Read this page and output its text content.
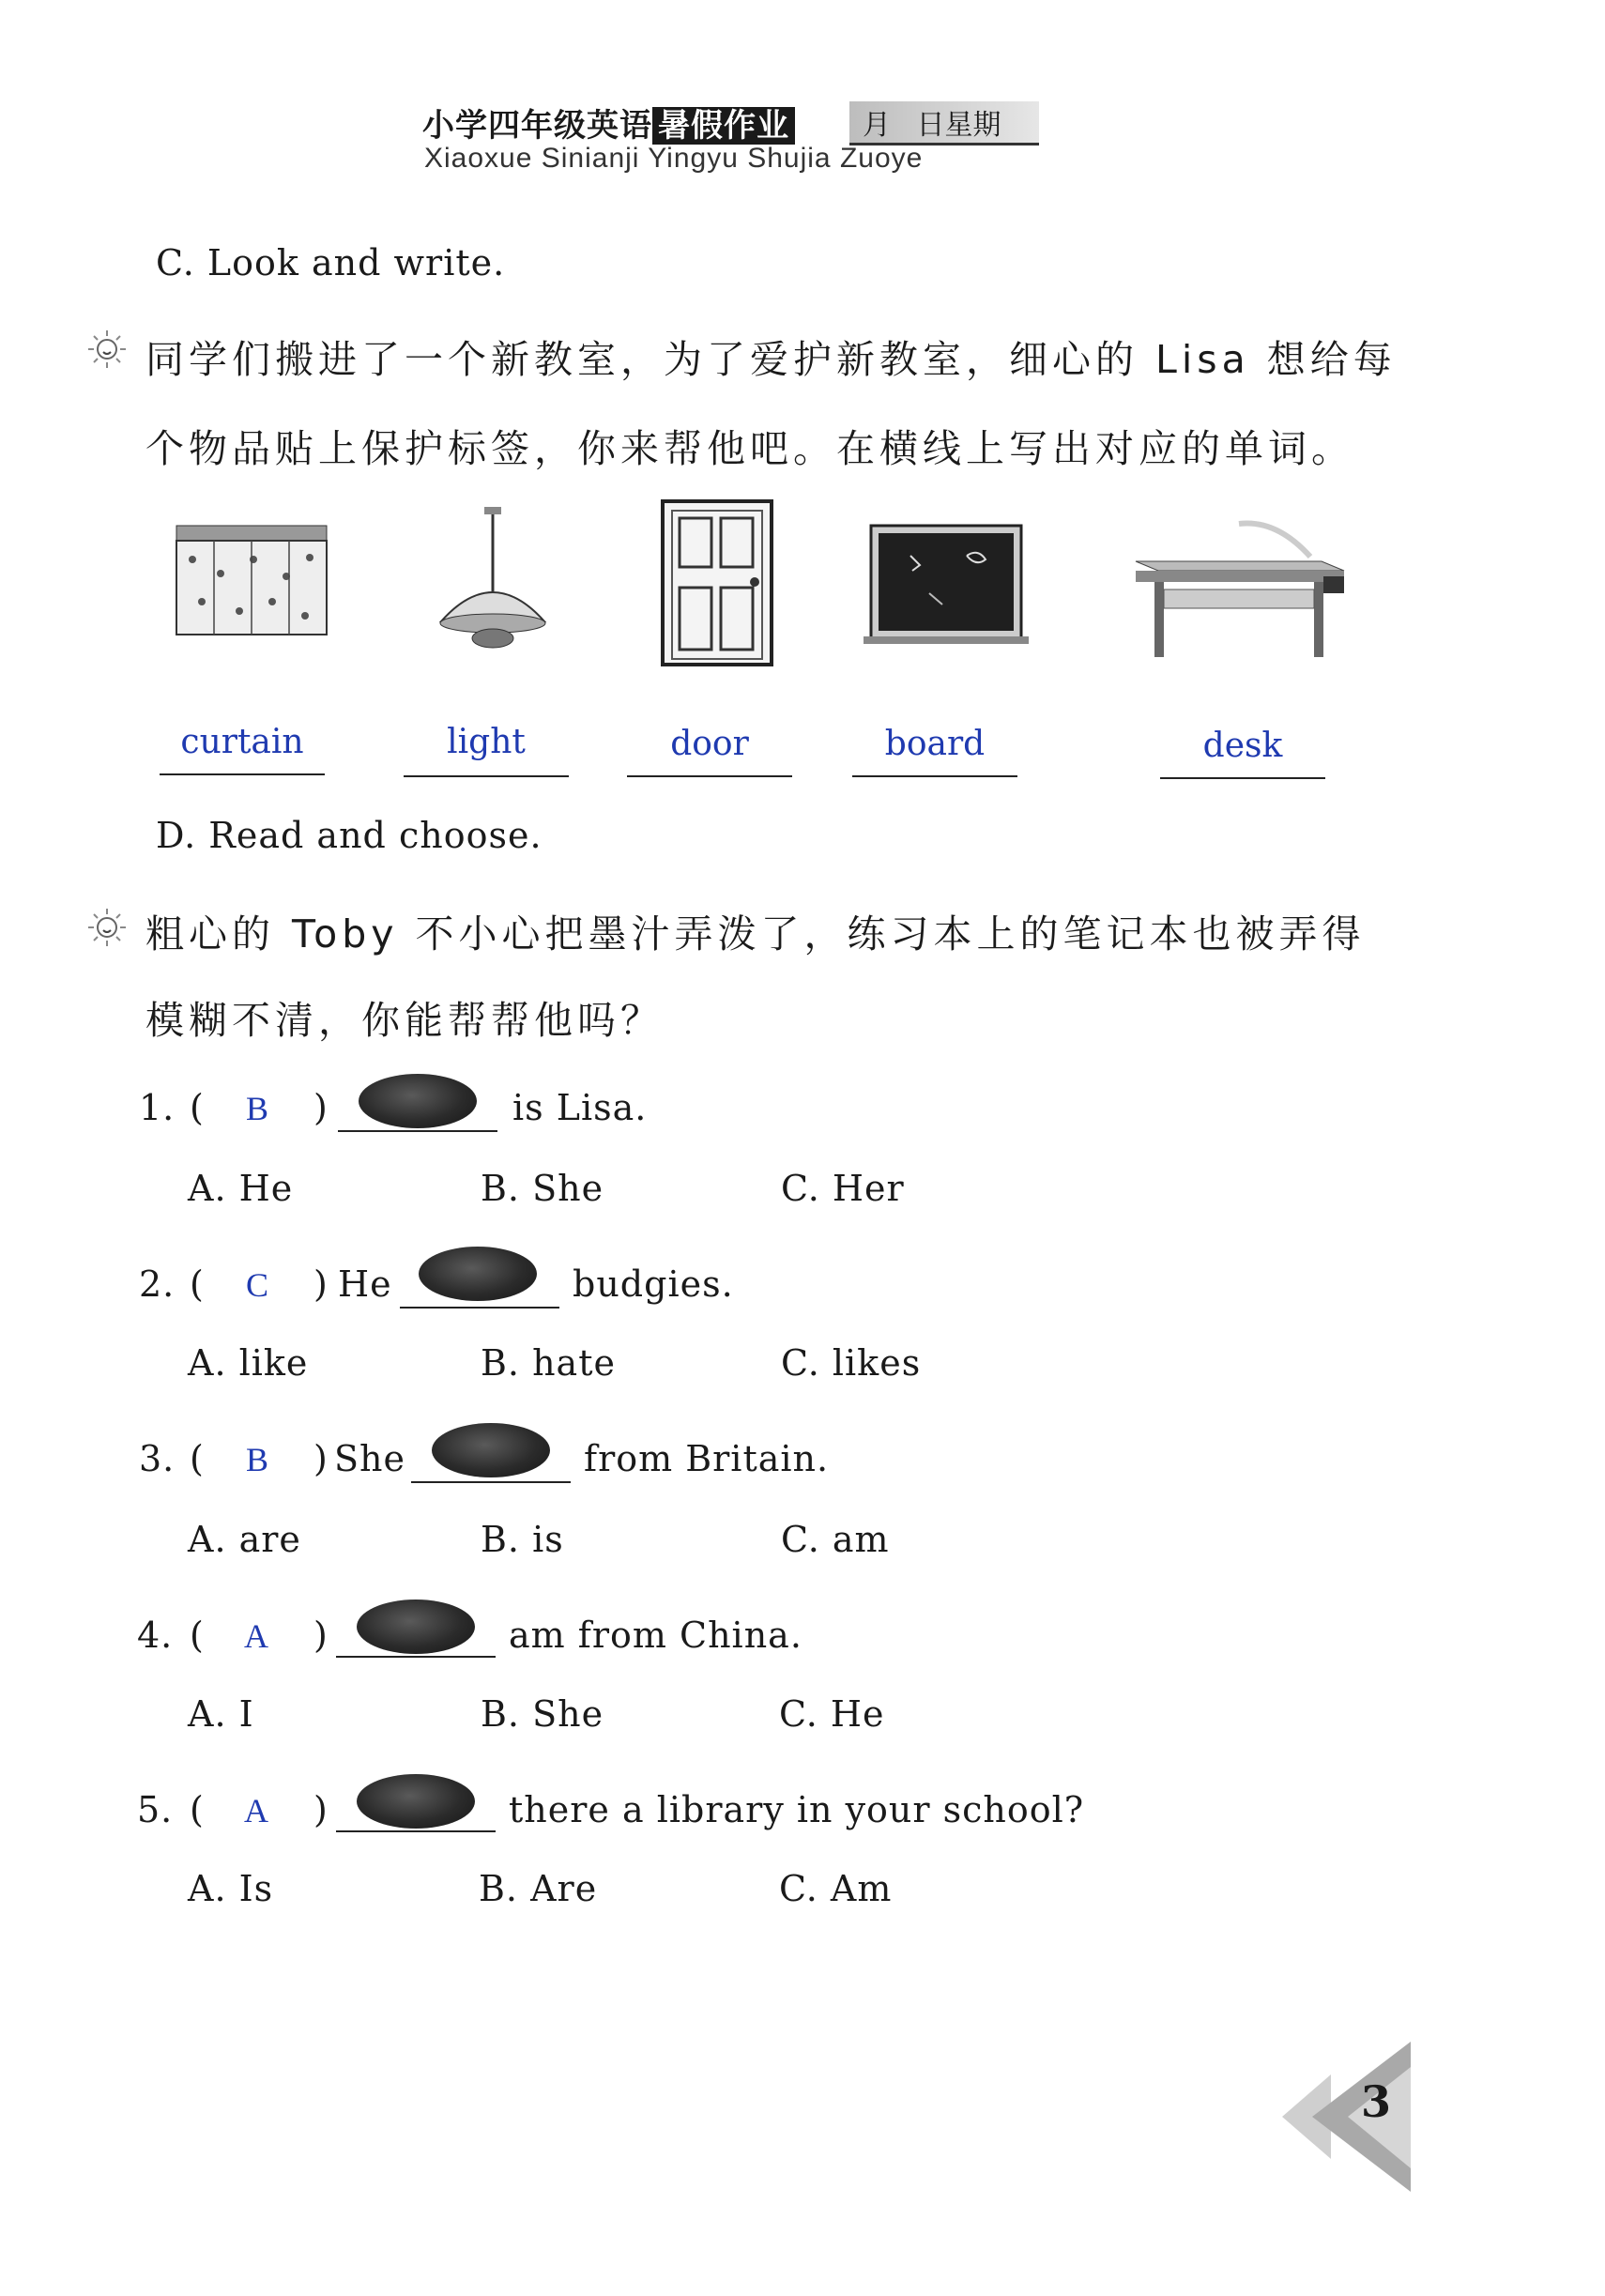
小学四年级英语 暑假作业	月 日星期
Xiaoxue Sinianji Yingyu Shujia Zuoye
C. Look and write.
同学们搬进了一个新教室，为了爱护新教室，细心的 Lisa 想给每
个物品贴上保护标签，你来帮他吧。在横线上写出对应的单词。
curtain	light	door	board	desk
D. Read and choose.
粗心的 Toby 不小心把墨汁弄泼了，练习本上的笔记本也被弄得
模糊不清，你能帮帮他吗？
1. ( B )	is Lisa.
A. He	B. She	C. Her
2. ( C ) He	budgies.
A. like	B. hate	C. likes
3. ( B ) She	from Britain.
A. are	B. is	C. am
4. ( A )	am from China.
A. I	B. She	C. He
5. ( A )	there a library in your school?
A. Is	B. Are	C. Am
3
